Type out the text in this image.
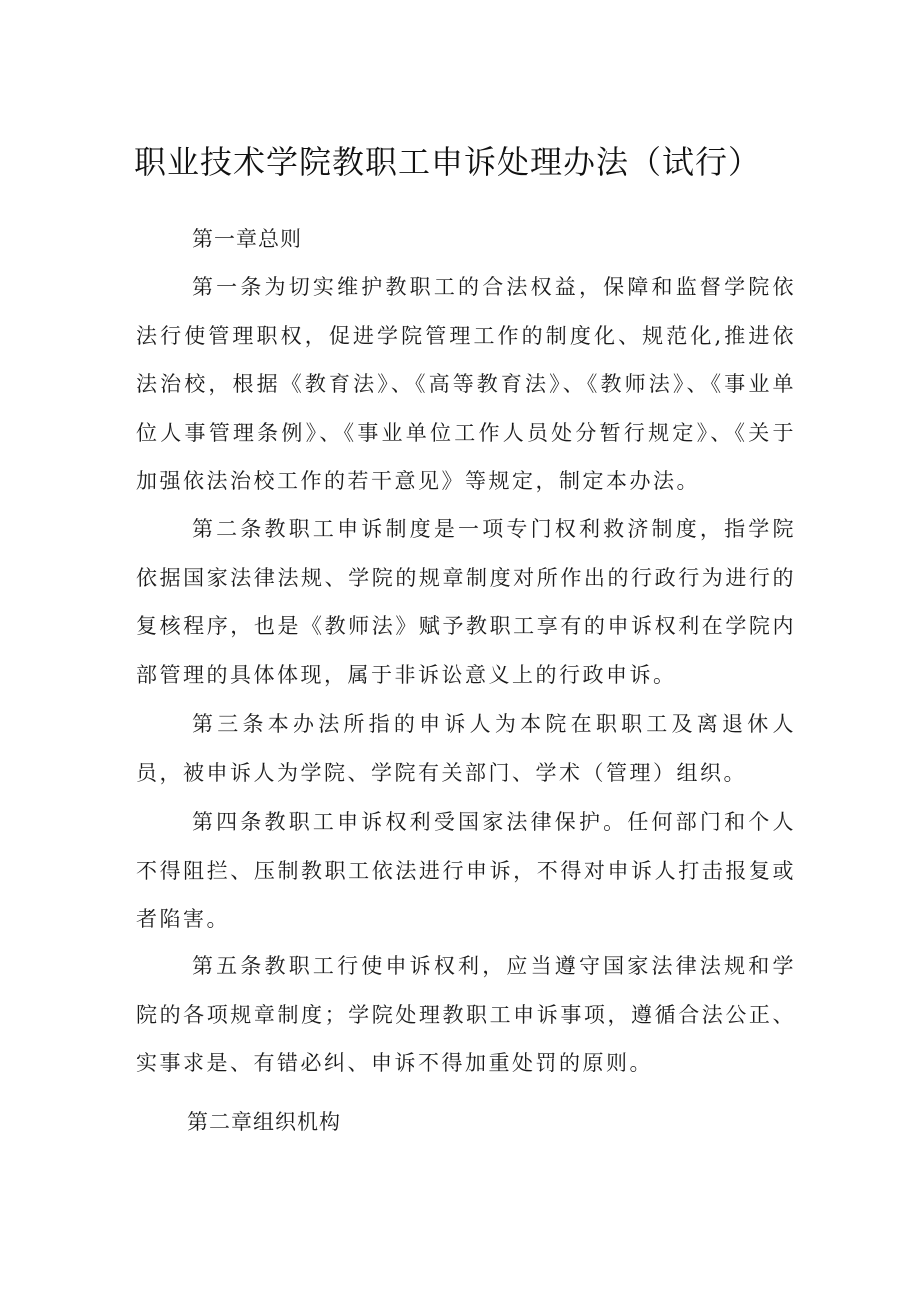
职业技术学院教职工申诉处理办法（试行）
第一章总则

第一条为切实维护教职工的合法权益，保障和监督学院依法行使管理职权，促进学院管理工作的制度化、规范化,推进依法治校，根据《教育法》、《高等教育法》、《教师法》、《事业单位人事管理条例》、《事业单位工作人员处分暂行规定》、《关于加强依法治校工作的若干意见》等规定，制定本办法。

第二条教职工申诉制度是一项专门权利救济制度，指学院依据国家法律法规、学院的规章制度对所作出的行政行为进行的复核程序，也是《教师法》赋予教职工享有的申诉权利在学院内部管理的具体体现，属于非诉讼意义上的行政申诉。

第三条本办法所指的申诉人为本院在职职工及离退休人员，被申诉人为学院、学院有关部门、学术（管理）组织。

第四条教职工申诉权利受国家法律保护。任何部门和个人不得阻拦、压制教职工依法进行申诉，不得对申诉人打击报复或者陷害。

第五条教职工行使申诉权利，应当遵守国家法律法规和学院的各项规章制度；学院处理教职工申诉事项，遵循合法公正、实事求是、有错必纠、申诉不得加重处罚的原则。

第二章组织机构
